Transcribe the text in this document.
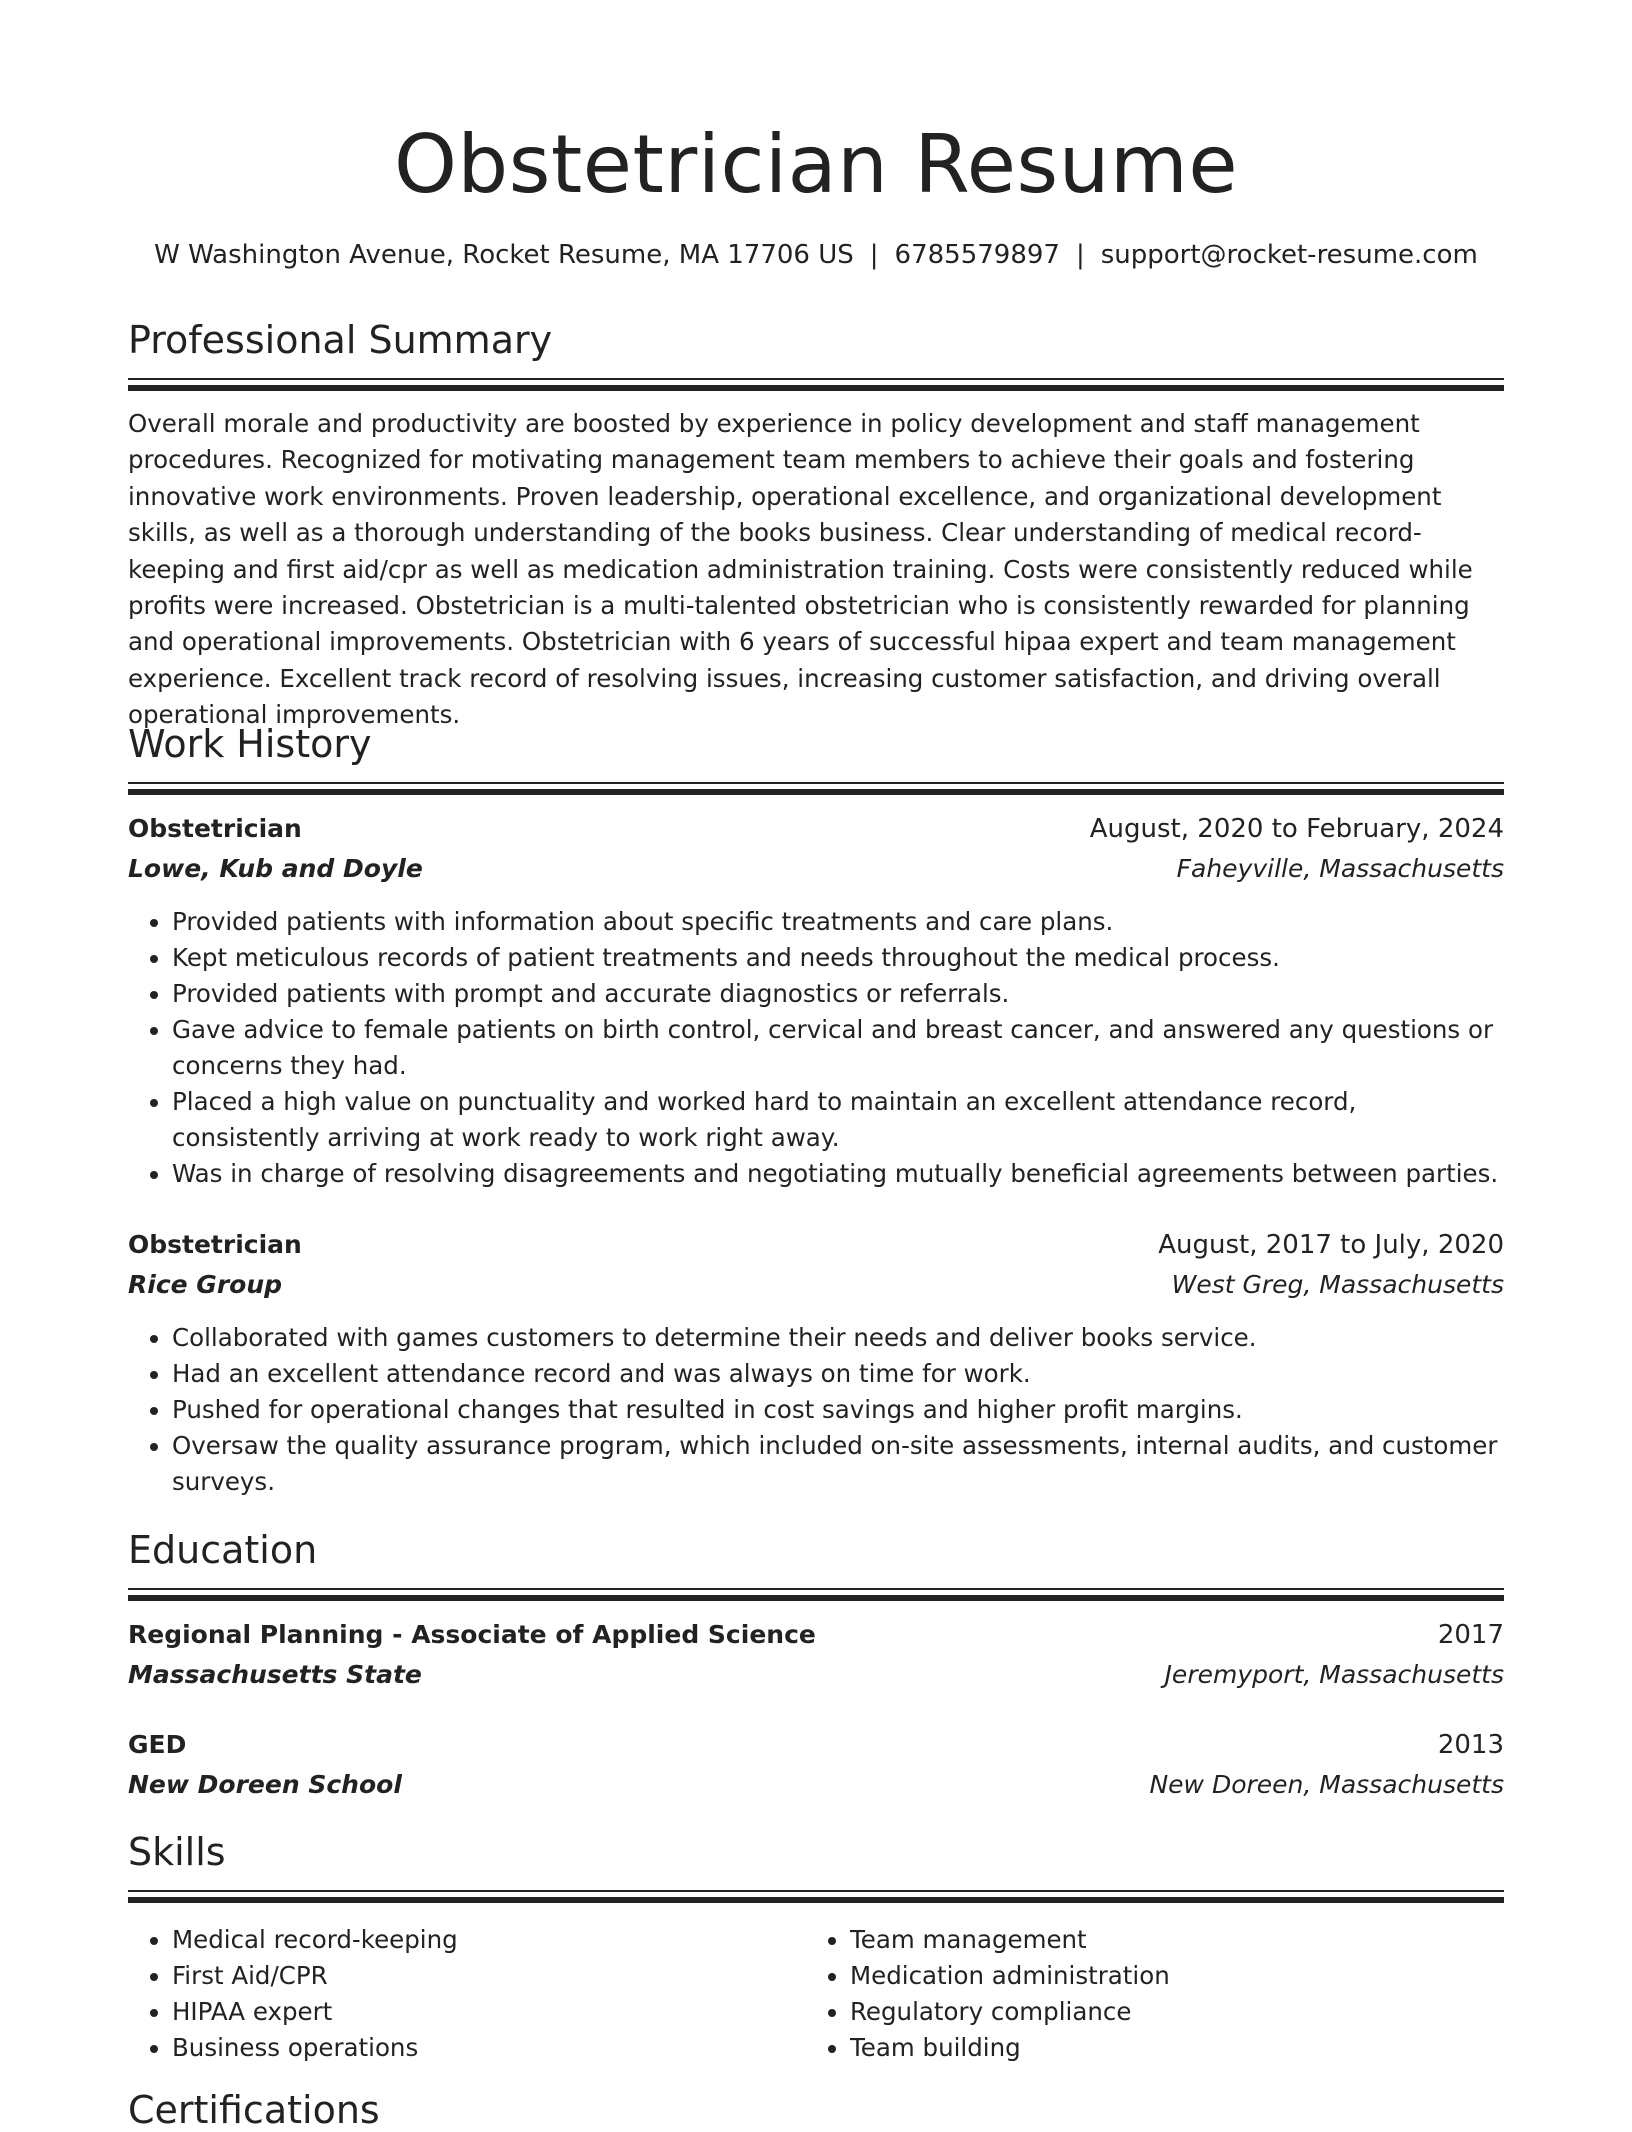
Obstetrician Resume
W Washington Avenue, Rocket Resume, MA 17706 US | 6785579897 | support@rocket-resume.com
Professional Summary

Overall morale and productivity are boosted by experience in policy development and staff management procedures. Recognized for motivating management team members to achieve their goals and fostering innovative work environments. Proven leadership, operational excellence, and organizational development skills, as well as a thorough understanding of the books business. Clear understanding of medical record-keeping and first aid/cpr as well as medication administration training. Costs were consistently reduced while profits were increased. Obstetrician is a multi-talented obstetrician who is consistently rewarded for planning and operational improvements. Obstetrician with 6 years of successful hipaa expert and team management experience. Excellent track record of resolving issues, increasing customer satisfaction, and driving overall operational improvements.

Work History
Obstetrician	August, 2020 to February, 2024
Lowe, Kub and Doyle	Faheyville, Massachusetts
• Provided patients with information about specific treatments and care plans.
• Kept meticulous records of patient treatments and needs throughout the medical process.
• Provided patients with prompt and accurate diagnostics or referrals.
• Gave advice to female patients on birth control, cervical and breast cancer, and answered any questions or concerns they had.
• Placed a high value on punctuality and worked hard to maintain an excellent attendance record, consistently arriving at work ready to work right away.
• Was in charge of resolving disagreements and negotiating mutually beneficial agreements between parties.
Obstetrician	August, 2017 to July, 2020
Rice Group	West Greg, Massachusetts
• Collaborated with games customers to determine their needs and deliver books service.
• Had an excellent attendance record and was always on time for work.
• Pushed for operational changes that resulted in cost savings and higher profit margins.
• Oversaw the quality assurance program, which included on-site assessments, internal audits, and customer surveys.
Education
Regional Planning - Associate of Applied Science	2017
Massachusetts State	Jeremyport, Massachusetts
GED	2013
New Doreen School	New Doreen, Massachusetts
Skills
• Medical record-keeping
• First Aid/CPR
• HIPAA expert
• Business operations
• Team management
• Medication administration
• Regulatory compliance
• Team building
Certifications
